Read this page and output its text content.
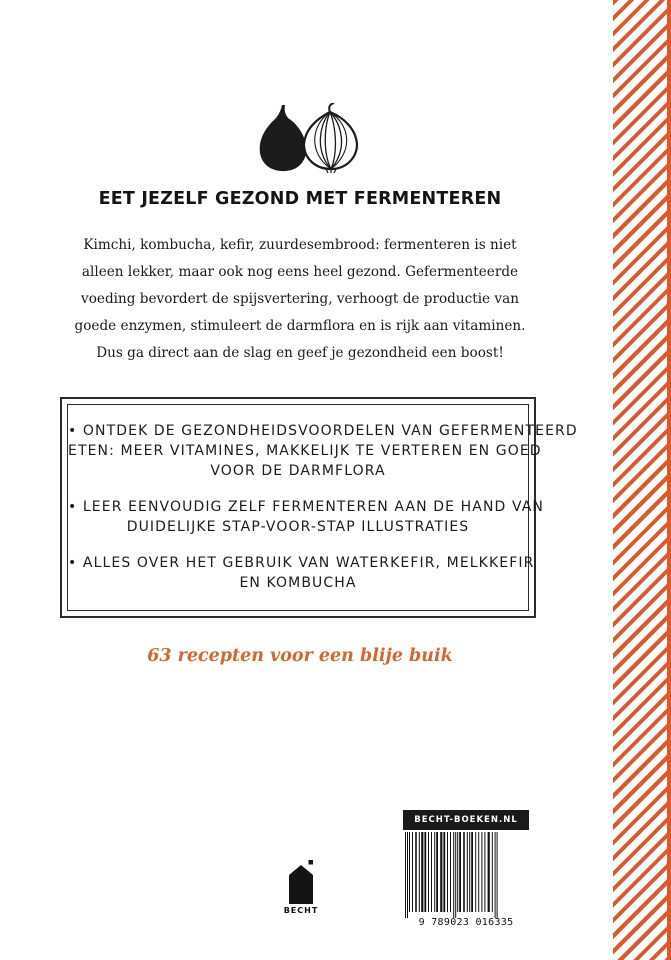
EET JEZELF GEZOND MET FERMENTEREN
Kimchi, kombucha, kefir, zuurdesembrood: fermenteren is niet
alleen lekker, maar ook nog eens heel gezond. Gefermenteerde
voeding bevordert de spijsvertering, verhoogt de productie van
goede enzymen, stimuleert de darmflora en is rijk aan vitaminen.
Dus ga direct aan de slag en geef je gezondheid een boost!
• ONTDEK DE GEZONDHEIDSVOORDELEN VAN GEFERMENTEERD
ETEN: MEER VITAMINES, MAKKELIJK TE VERTEREN EN GOED
VOOR DE DARMFLORA
• LEER EENVOUDIG ZELF FERMENTEREN AAN DE HAND VAN
DUIDELIJKE STAP-VOOR-STAP ILLUSTRATIES
• ALLES OVER HET GEBRUIK VAN WATERKEFIR, MELKKEFIR
EN KOMBUCHA
63 recepten voor een blije buik
BECHT-BOEKEN.NL
9 789023 016335
BECHT
